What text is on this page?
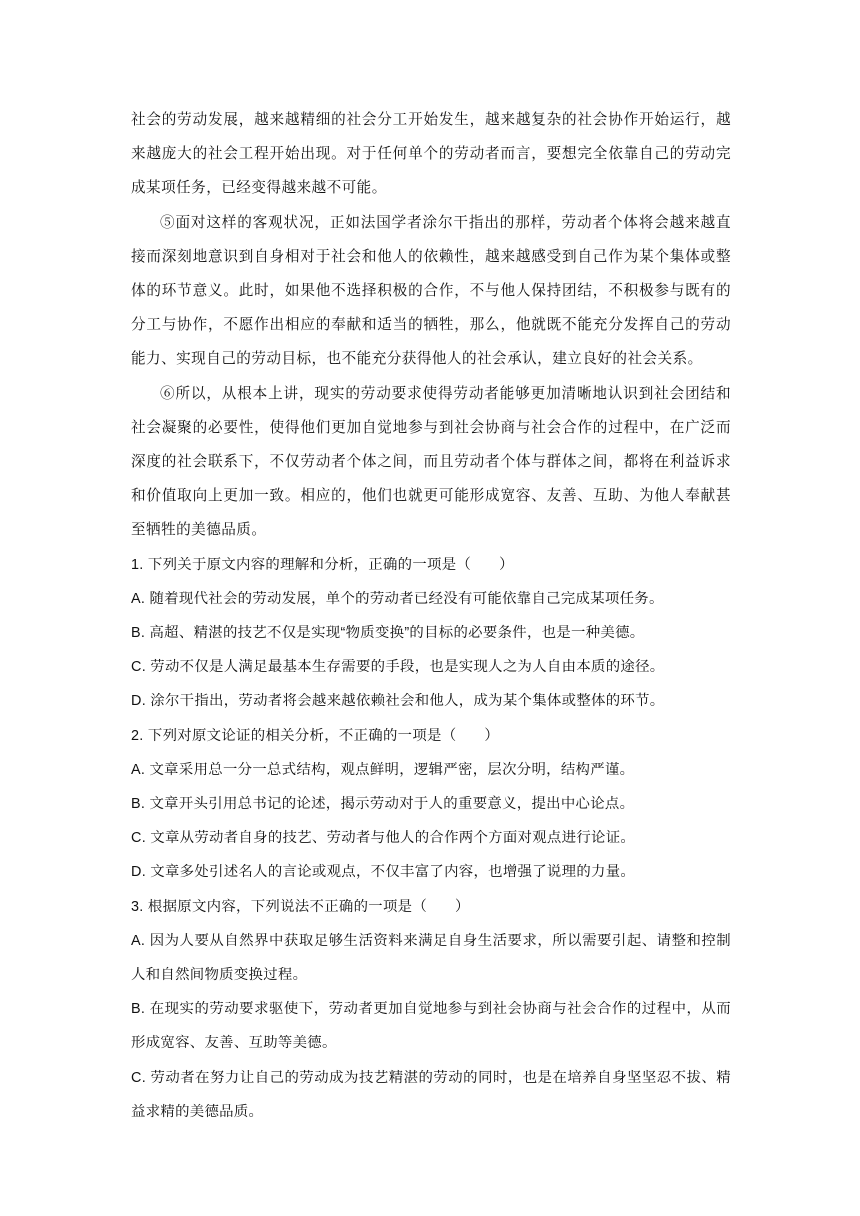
社会的劳动发展，越来越精细的社会分工开始发生，越来越复杂的社会协作开始运行，越来越庞大的社会工程开始出现。对于任何单个的劳动者而言，要想完全依靠自己的劳动完成某项任务，已经变得越来越不可能。

⑤面对这样的客观状况，正如法国学者涂尔干指出的那样，劳动者个体将会越来越直接而深刻地意识到自身相对于社会和他人的依赖性，越来越感受到自己作为某个集体或整体的环节意义。此时，如果他不选择积极的合作，不与他人保持团结，不积极参与既有的分工与协作，不愿作出相应的奉献和适当的牺牲，那么，他就既不能充分发挥自己的劳动能力、实现自己的劳动目标，也不能充分获得他人的社会承认，建立良好的社会关系。

⑥所以，从根本上讲，现实的劳动要求使得劳动者能够更加清晰地认识到社会团结和社会凝聚的必要性，使得他们更加自觉地参与到社会协商与社会合作的过程中，在广泛而深度的社会联系下，不仅劳动者个体之间，而且劳动者个体与群体之间，都将在利益诉求和价值取向上更加一致。相应的，他们也就更可能形成宽容、友善、互助、为他人奉献甚至牺牲的美德品质。

1. 下列关于原文内容的理解和分析，正确的一项是（ ）

A. 随着现代社会的劳动发展，单个的劳动者已经没有可能依靠自己完成某项任务。

B. 高超、精湛的技艺不仅是实现“物质变换”的目标的必要条件，也是一种美德。

C. 劳动不仅是人满足最基本生存需要的手段，也是实现人之为人自由本质的途径。

D. 涂尔干指出，劳动者将会越来越依赖社会和他人，成为某个集体或整体的环节。

2. 下列对原文论证的相关分析，不正确的一项是（ ）

A. 文章采用总一分一总式结构，观点鲜明，逻辑严密，层次分明，结构严谨。

B. 文章开头引用总书记的论述，揭示劳动对于人的重要意义，提出中心论点。

C. 文章从劳动者自身的技艺、劳动者与他人的合作两个方面对观点进行论证。

D. 文章多处引述名人的言论或观点，不仅丰富了内容，也增强了说理的力量。

3. 根据原文内容，下列说法不正确的一项是（ ）

A. 因为人要从自然界中获取足够生活资料来满足自身生活要求，所以需要引起、请整和控制人和自然间物质变换过程。

B. 在现实的劳动要求驱使下，劳动者更加自觉地参与到社会协商与社会合作的过程中，从而形成宽容、友善、互助等美德。

C. 劳动者在努力让自己的劳动成为技艺精湛的劳动的同时，也是在培养自身坚坚忍不拔、精益求精的美德品质。
